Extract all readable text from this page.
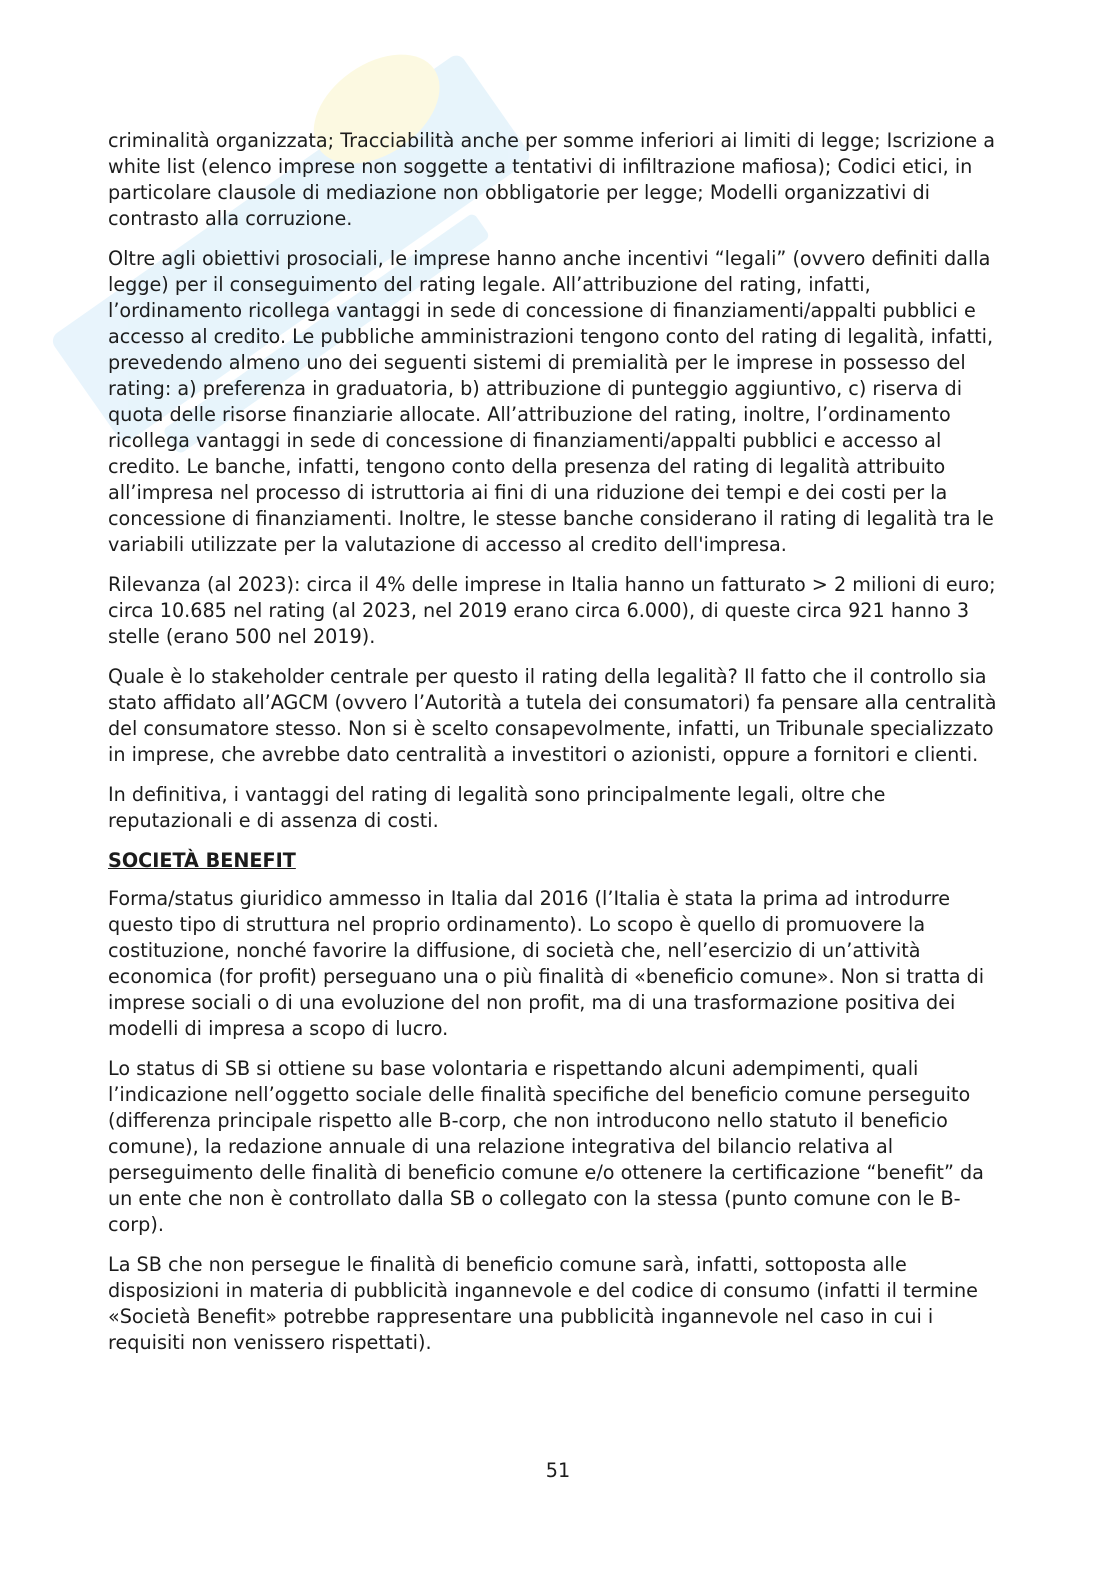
criminalità organizzata; Tracciabilità anche per somme inferiori ai limiti di legge; Iscrizione a white list (elenco imprese non soggette a tentativi di infiltrazione mafiosa); Codici etici, in particolare clausole di mediazione non obbligatorie per legge; Modelli organizzativi di contrasto alla corruzione.

Oltre agli obiettivi prosociali, le imprese hanno anche incentivi “legali” (ovvero definiti dalla legge) per il conseguimento del rating legale. All’attribuzione del rating, infatti, l’ordinamento ricollega vantaggi in sede di concessione di finanziamenti/appalti pubblici e accesso al credito. Le pubbliche amministrazioni tengono conto del rating di legalità, infatti, prevedendo almeno uno dei seguenti sistemi di premialità per le imprese in possesso del rating: a) preferenza in graduatoria, b) attribuzione di punteggio aggiuntivo, c) riserva di quota delle risorse finanziarie allocate. All’attribuzione del rating, inoltre, l’ordinamento ricollega vantaggi in sede di concessione di finanziamenti/appalti pubblici e accesso al credito. Le banche, infatti, tengono conto della presenza del rating di legalità attribuito all’impresa nel processo di istruttoria ai fini di una riduzione dei tempi e dei costi per la concessione di finanziamenti. Inoltre, le stesse banche considerano il rating di legalità tra le variabili utilizzate per la valutazione di accesso al credito dell'impresa.

Rilevanza (al 2023): circa il 4% delle imprese in Italia hanno un fatturato > 2 milioni di euro; circa 10.685 nel rating (al 2023, nel 2019 erano circa 6.000), di queste circa 921 hanno 3 stelle (erano 500 nel 2019).

Quale è lo stakeholder centrale per questo il rating della legalità? Il fatto che il controllo sia stato affidato all’AGCM (ovvero l’Autorità a tutela dei consumatori) fa pensare alla centralità del consumatore stesso. Non si è scelto consapevolmente, infatti, un Tribunale specializzato in imprese, che avrebbe dato centralità a investitori o azionisti, oppure a fornitori e clienti.

In definitiva, i vantaggi del rating di legalità sono principalmente legali, oltre che reputazionali e di assenza di costi.

SOCIETÀ BENEFIT

Forma/status giuridico ammesso in Italia dal 2016 (l’Italia è stata la prima ad introdurre questo tipo di struttura nel proprio ordinamento). Lo scopo è quello di promuovere la costituzione, nonché favorire la diffusione, di società che, nell’esercizio di un’attività economica (for profit) perseguano una o più finalità di «beneficio comune». Non si tratta di imprese sociali o di una evoluzione del non profit, ma di una trasformazione positiva dei modelli di impresa a scopo di lucro.

Lo status di SB si ottiene su base volontaria e rispettando alcuni adempimenti, quali l’indicazione nell’oggetto sociale delle finalità specifiche del beneficio comune perseguito (differenza principale rispetto alle B-corp, che non introducono nello statuto il beneficio comune), la redazione annuale di una relazione integrativa del bilancio relativa al perseguimento delle finalità di beneficio comune e/o ottenere la certificazione “benefit” da un ente che non è controllato dalla SB o collegato con la stessa (punto comune con le B-corp).

La SB che non persegue le finalità di beneficio comune sarà, infatti, sottoposta alle disposizioni in materia di pubblicità ingannevole e del codice di consumo (infatti il termine «Società Benefit» potrebbe rappresentare una pubblicità ingannevole nel caso in cui i requisiti non venissero rispettati).

51
